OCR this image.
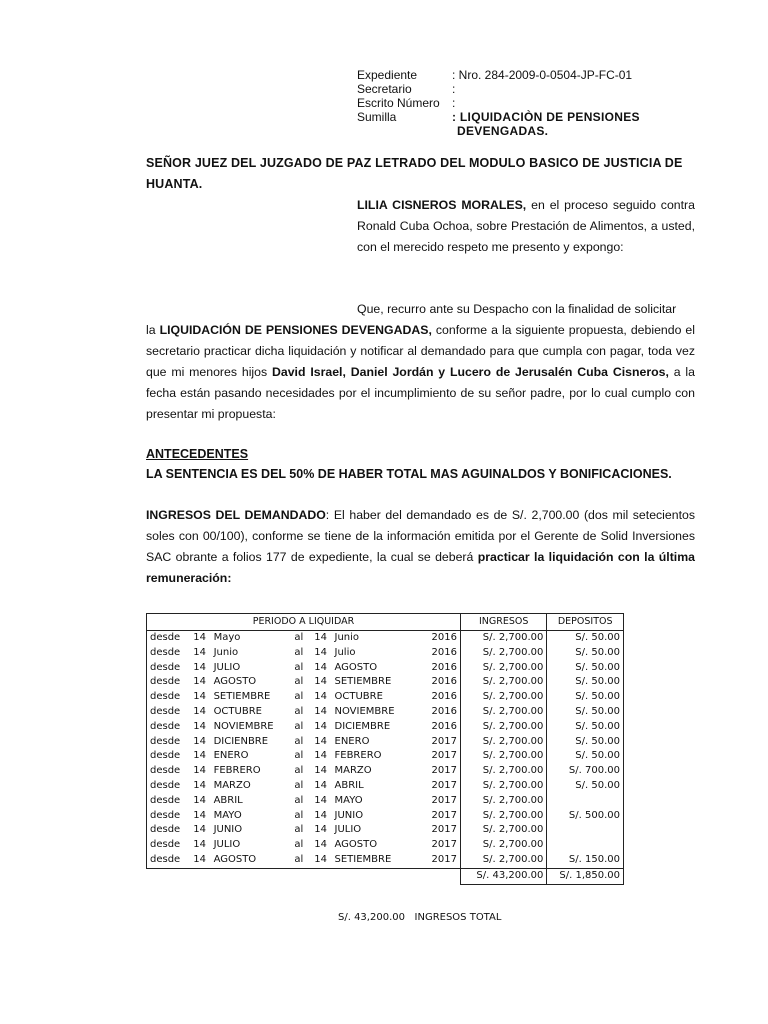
Expediente	: Nro. 284-2009-0-0504-JP-FC-01
Secretario	:
Escrito Número	:
Sumilla	: LIQUIDACIÒN DE PENSIONES
DEVENGADAS.
SEÑOR JUEZ DEL JUZGADO DE PAZ LETRADO DEL MODULO BASICO DE JUSTICIA DE HUANTA.
LILIA CISNEROS MORALES, en el proceso seguido contra Ronald Cuba Ochoa, sobre Prestación de Alimentos, a usted, con el merecido respeto me presento y expongo:
Que, recurro ante su Despacho con la finalidad de solicitar
la LIQUIDACIÓN DE PENSIONES DEVENGADAS, conforme a la siguiente propuesta, debiendo el secretario practicar dicha liquidación y notificar al demandado para que cumpla con pagar, toda vez que mi menores hijos David Israel, Daniel Jordán y Lucero de Jerusalén Cuba Cisneros, a la fecha están pasando necesidades por el incumplimiento de su señor padre, por lo cual cumplo con presentar mi propuesta:
ANTECEDENTES
LA SENTENCIA ES DEL 50% DE HABER TOTAL MAS AGUINALDOS Y BONIFICACIONES.
INGRESOS DEL DEMANDADO: El haber del demandado es de S/. 2,700.00 (dos mil setecientos soles con 00/100), conforme se tiene de la información emitida por el Gerente de Solid Inversiones SAC obrante a folios 177 de expediente, la cual se deberá practicar la liquidación con la última remuneración:
PERIODO A LIQUIDAR							INGRESOS	DEPOSITOS
desde	14	Mayo	al	14	Junio	2016	S/. 2,700.00	S/. 50.00
desde	14	Junio	al	14	Julio	2016	S/. 2,700.00	S/. 50.00
desde	14	JULIO	al	14	AGOSTO	2016	S/. 2,700.00	S/. 50.00
desde	14	AGOSTO	al	14	SETIEMBRE	2016	S/. 2,700.00	S/. 50.00
desde	14	SETIEMBRE	al	14	OCTUBRE	2016	S/. 2,700.00	S/. 50.00
desde	14	OCTUBRE	al	14	NOVIEMBRE	2016	S/. 2,700.00	S/. 50.00
desde	14	NOVIEMBRE	al	14	DICIEMBRE	2016	S/. 2,700.00	S/. 50.00
desde	14	DICIENBRE	al	14	ENERO	2017	S/. 2,700.00	S/. 50.00
desde	14	ENERO	al	14	FEBRERO	2017	S/. 2,700.00	S/. 50.00
desde	14	FEBRERO	al	14	MARZO	2017	S/. 2,700.00	S/. 700.00
desde	14	MARZO	al	14	ABRIL	2017	S/. 2,700.00	S/. 50.00
desde	14	ABRIL	al	14	MAYO	2017	S/. 2,700.00	
desde	14	MAYO	al	14	JUNIO	2017	S/. 2,700.00	S/. 500.00
desde	14	JUNIO	al	14	JULIO	2017	S/. 2,700.00	
desde	14	JULIO	al	14	AGOSTO	2017	S/. 2,700.00	
desde	14	AGOSTO	al	14	SETIEMBRE	2017	S/. 2,700.00	S/. 150.00
							S/. 43,200.00	S/. 1,850.00
S/. 43,200.00 INGRESOS TOTAL
